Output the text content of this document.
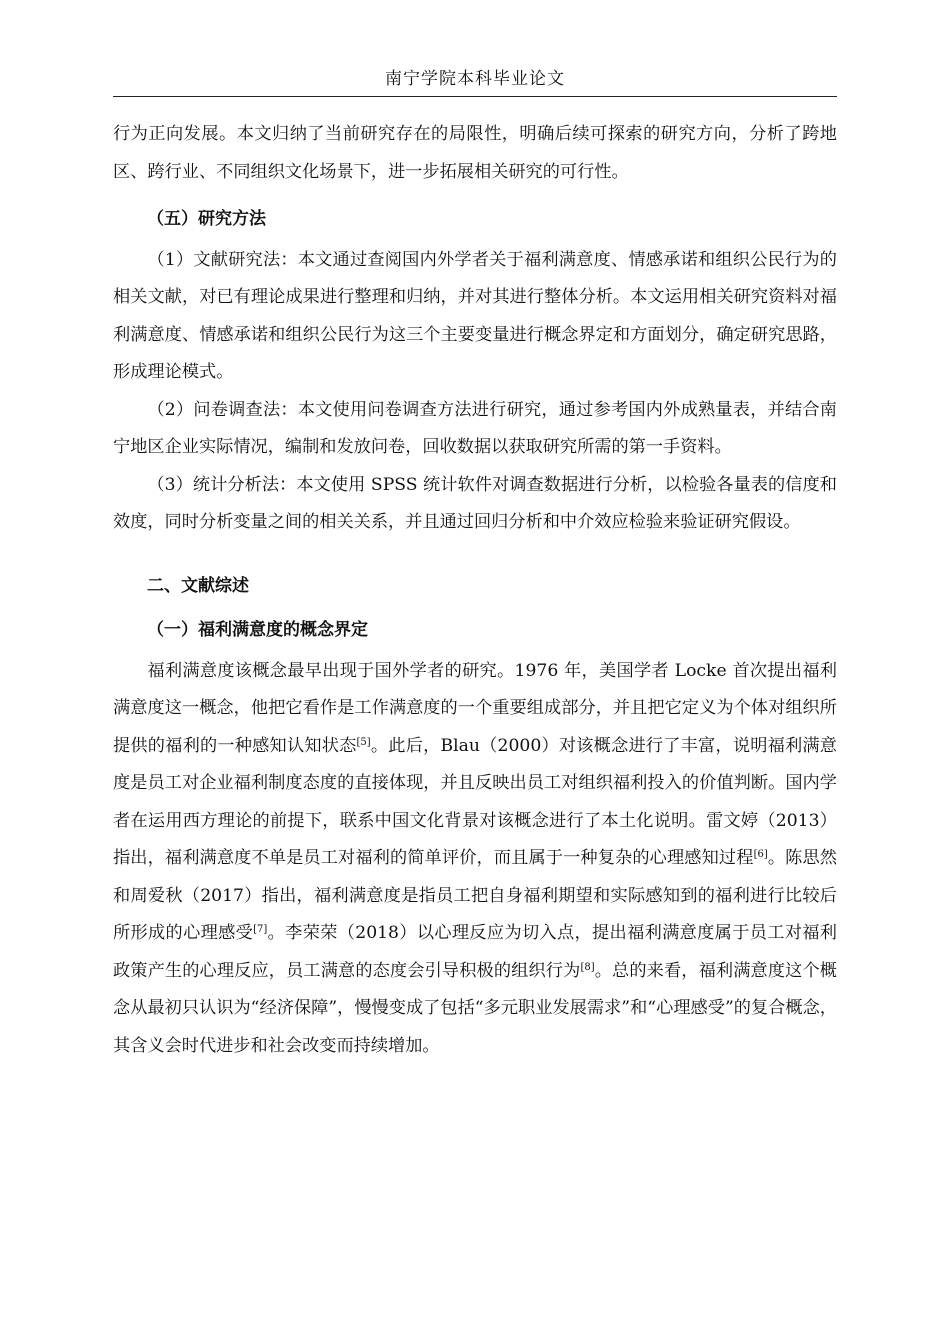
南宁学院本科毕业论文

行为正向发展。本文归纳了当前研究存在的局限性，明确后续可探索的研究方向，分析了跨地区、跨行业、不同组织文化场景下，进一步拓展相关研究的可行性。

（五）研究方法

（1）文献研究法：本文通过查阅国内外学者关于福利满意度、情感承诺和组织公民行为的相关文献，对已有理论成果进行整理和归纳，并对其进行整体分析。本文运用相关研究资料对福利满意度、情感承诺和组织公民行为这三个主要变量进行概念界定和方面划分，确定研究思路，形成理论模式。

（2）问卷调查法：本文使用问卷调查方法进行研究，通过参考国内外成熟量表，并结合南宁地区企业实际情况，编制和发放问卷，回收数据以获取研究所需的第一手资料。

（3）统计分析法：本文使用 SPSS 统计软件对调查数据进行分析，以检验各量表的信度和效度，同时分析变量之间的相关关系，并且通过回归分析和中介效应检验来验证研究假设。

二、文献综述

（一）福利满意度的概念界定

福利满意度该概念最早出现于国外学者的研究。1976 年，美国学者 Locke 首次提出福利满意度这一概念，他把它看作是工作满意度的一个重要组成部分，并且把它定义为个体对组织所提供的福利的一种感知认知状态[5]。此后，Blau（2000）对该概念进行了丰富，说明福利满意度是员工对企业福利制度态度的直接体现，并且反映出员工对组织福利投入的价值判断。国内学者在运用西方理论的前提下，联系中国文化背景对该概念进行了本土化说明。雷文婷（2013）指出，福利满意度不单是员工对福利的简单评价，而且属于一种复杂的心理感知过程[6]。陈思然和周爱秋（2017）指出，福利满意度是指员工把自身福利期望和实际感知到的福利进行比较后所形成的心理感受[7]。李荣荣（2018）以心理反应为切入点，提出福利满意度属于员工对福利政策产生的心理反应，员工满意的态度会引导积极的组织行为[8]。总的来看，福利满意度这个概念从最初只认识为“经济保障”，慢慢变成了包括“多元职业发展需求”和“心理感受”的复合概念，其含义会时代进步和社会改变而持续增加。
